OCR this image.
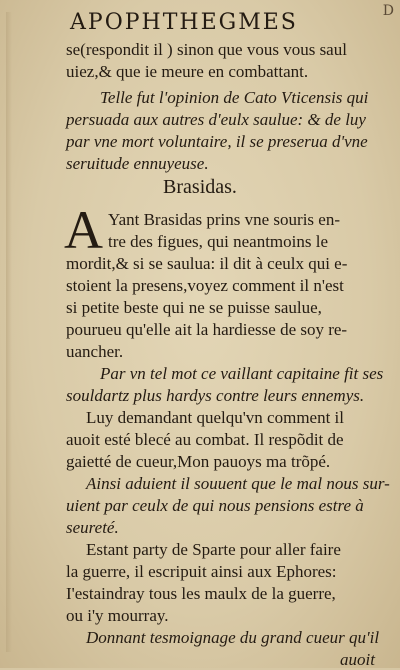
APOPHTHEGMES	D
se(respondit il ) sinon que vous vous saul
uiez,& que ie meure en combattant.
Telle fut l'opinion de Cato Vticensis qui
persuada aux autres d'eulx saulue: & de luy
par vne mort voluntaire, il se preserua d'vne
seruitude ennuyeuse.
Brasidas.
A Yant Brasidas prins vne souris en-
tre des figues, qui neantmoins le
mordit,& si se saulua: il dit à ceulx qui e-
stoient la presens,voyez comment il n'est
si petite beste qui ne se puisse saulue,
pourueu qu'elle ait la hardiesse de soy re-
uancher.
Par vn tel mot ce vaillant capitaine fit ses
souldartz plus hardys contre leurs ennemys.
Luy demandant quelqu'vn comment il
auoit esté blecé au combat. Il respõdit de
gaietté de cueur,Mon pauoys ma trõpé.
Ainsi aduient il souuent que le mal nous sur-
uient par ceulx de qui nous pensions estre à
seureté.
Estant party de Sparte pour aller faire
la guerre, il escripuit ainsi aux Ephores:
I'estaindray tous les maulx de la guerre,
ou i'y mourray.
Donnant tesmoignage du grand cueur qu'il
auoit
